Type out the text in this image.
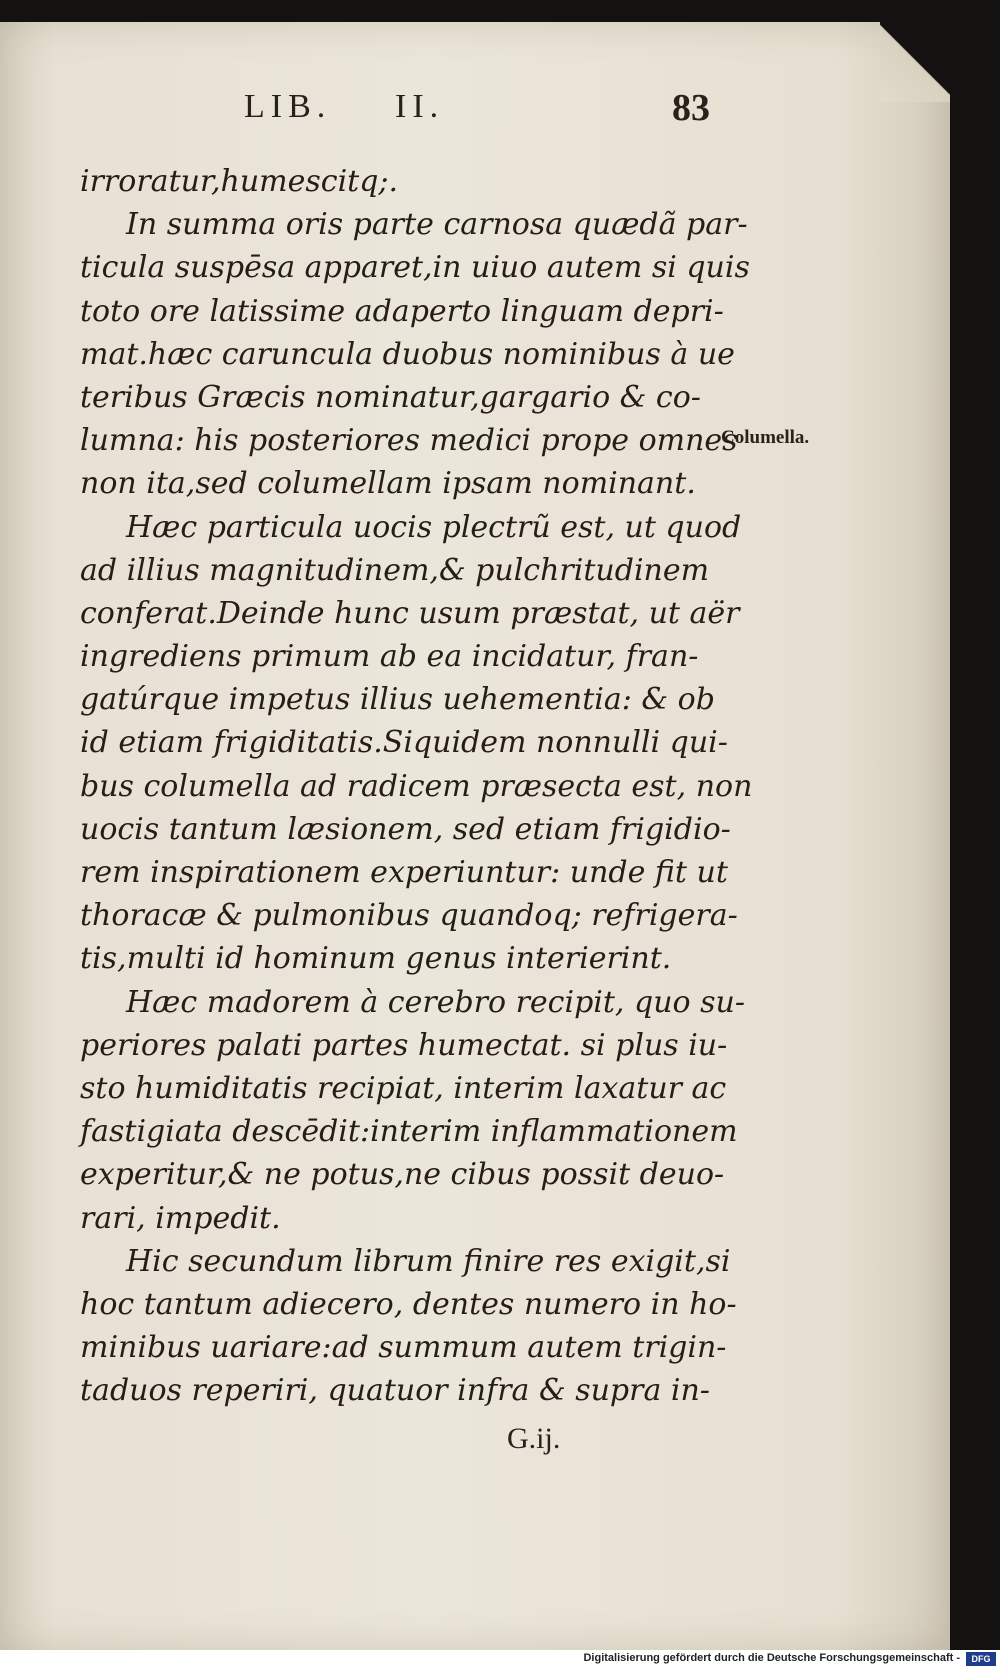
LIB. II.	83
irroratur,humescitq;.
In summa oris parte carnosa quædã par-
ticula suspēsa apparet,in uiuo autem si quis
toto ore latissime adaperto linguam depri-
mat.hæc caruncula duobus nominibus à ue
teribus Græcis nominatur,gargario & co-
lumna: his posteriores medici prope omnes
non ita,sed columellam ipsam nominant.
Hæc particula uocis plectrũ est, ut quod
ad illius magnitudinem,& pulchritudinem
conferat.Deinde hunc usum præstat, ut aër
ingrediens primum ab ea incidatur, fran-
gatúrque impetus illius uehementia: & ob
id etiam frigiditatis.Siquidem nonnulli qui-
bus columella ad radicem præsecta est, non
uocis tantum læsionem, sed etiam frigidio-
rem inspirationem experiuntur: unde fit ut
thoracæ & pulmonibus quandoq; refrigera-
tis,multi id hominum genus interierint.
Hæc madorem à cerebro recipit, quo su-
periores palati partes humectat. si plus iu-
sto humiditatis recipiat, interim laxatur ac
fastigiata descēdit:interim inflammationem
experitur,& ne potus,ne cibus possit deuo-
rari, impedit.
Hic secundum librum finire res exigit,si
hoc tantum adiecero, dentes numero in ho-
minibus uariare:ad summum autem trigin-
taduos reperiri, quatuor infra & supra in-
Columella.
G.ij.
Digitalisierung gefördert durch die Deutsche Forschungsgemeinschaft -	DFG
